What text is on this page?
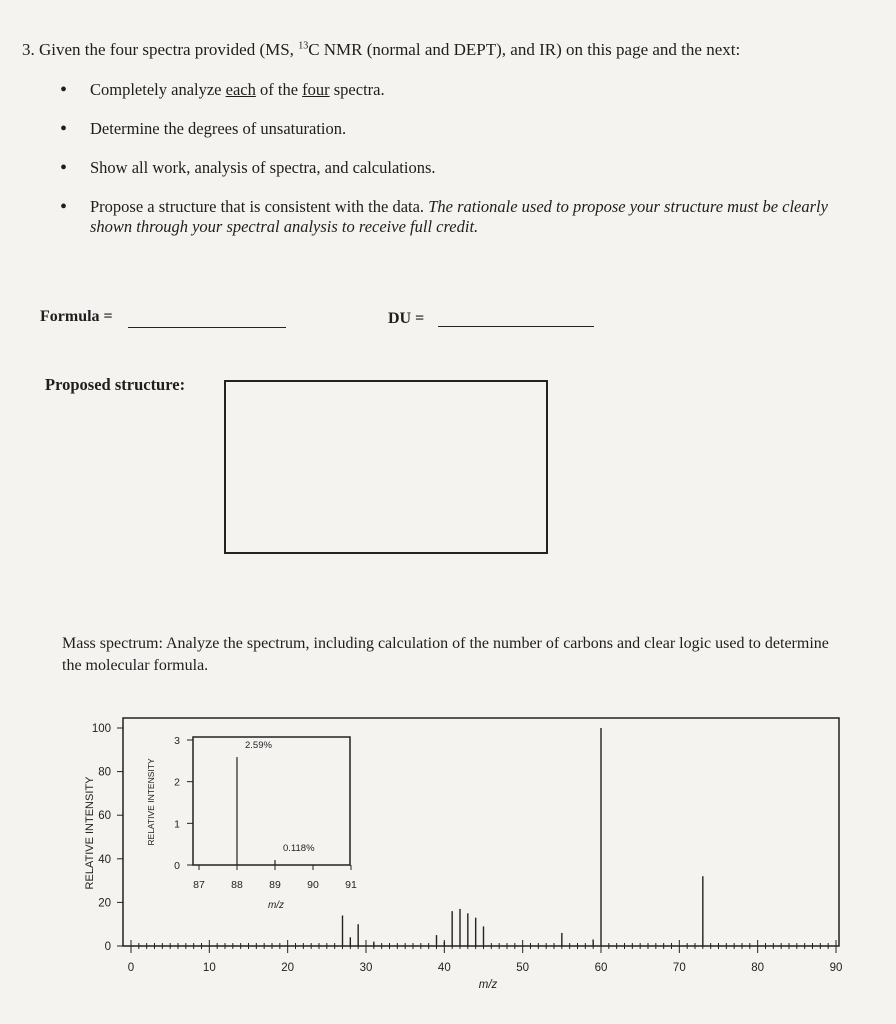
3. Given the four spectra provided (MS, $^{13}$C NMR (normal and DEPT), and IR) on this page and the next:
• Completely analyze each of the four spectra.
• Determine the degrees of unsaturation.
• Show all work, analysis of spectra, and calculations.
• Propose a structure that is consistent with the data. The rationale used to propose your structure must be clearly shown through your spectral analysis to receive full credit.
Formula =	DU =
Proposed structure:
Mass spectrum: Analyze the spectrum, including calculation of the number of carbons and clear logic used to determine the molecular formula.
0
20
40
60
80
100
0	10	20	30	40	50	60	70	80	90
RELATIVE INTENSITY
m/z
0
1
2
3
87	88	89	90	91
2.59%
0.118%
RELATIVE INTENSITY
m/z
